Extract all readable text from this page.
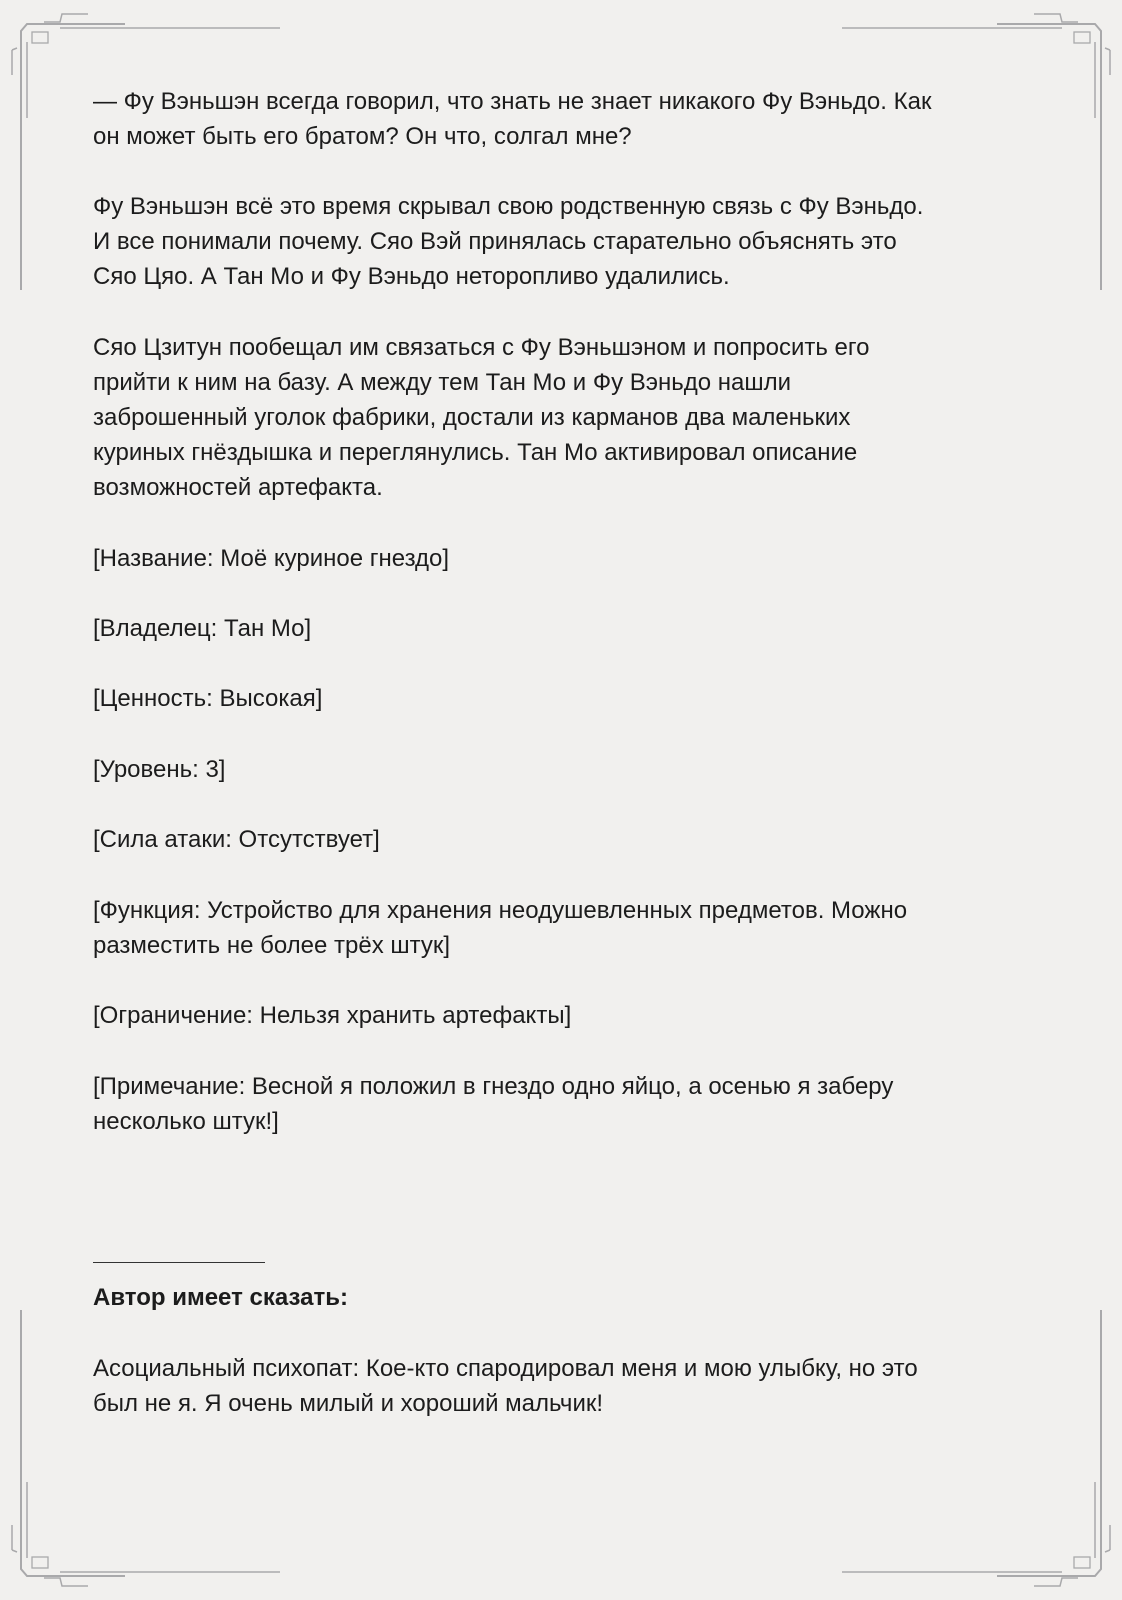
— Фу Вэньшэн всегда говорил, что знать не знает никакого Фу Вэньдо. Как
он может быть его братом? Он что, солгал мне?
Фу Вэньшэн всё это время скрывал свою родственную связь с Фу Вэньдо.
И все понимали почему. Сяо Вэй принялась старательно объяснять это
Сяо Цяо. А Тан Мо и Фу Вэньдо неторопливо удалились.
Сяо Цзитун пообещал им связаться с Фу Вэньшэном и попросить его
прийти к ним на базу. А между тем Тан Мо и Фу Вэньдо нашли
заброшенный уголок фабрики, достали из карманов два маленьких
куриных гнёздышка и переглянулись. Тан Мо активировал описание
возможностей артефакта.
[Название: Моё куриное гнездо]
[Владелец: Тан Мо]
[Ценность: Высокая]
[Уровень: 3]
[Сила атаки: Отсутствует]
[Функция: Устройство для хранения неодушевленных предметов. Можно
разместить не более трёх штук]
[Ограничение: Нельзя хранить артефакты]
[Примечание: Весной я положил в гнездо одно яйцо, а осенью я заберу
несколько штук!]
Автор имеет сказать:
Асоциальный психопат: Кое-кто спародировал меня и мою улыбку, но это
был не я. Я очень милый и хороший мальчик!
